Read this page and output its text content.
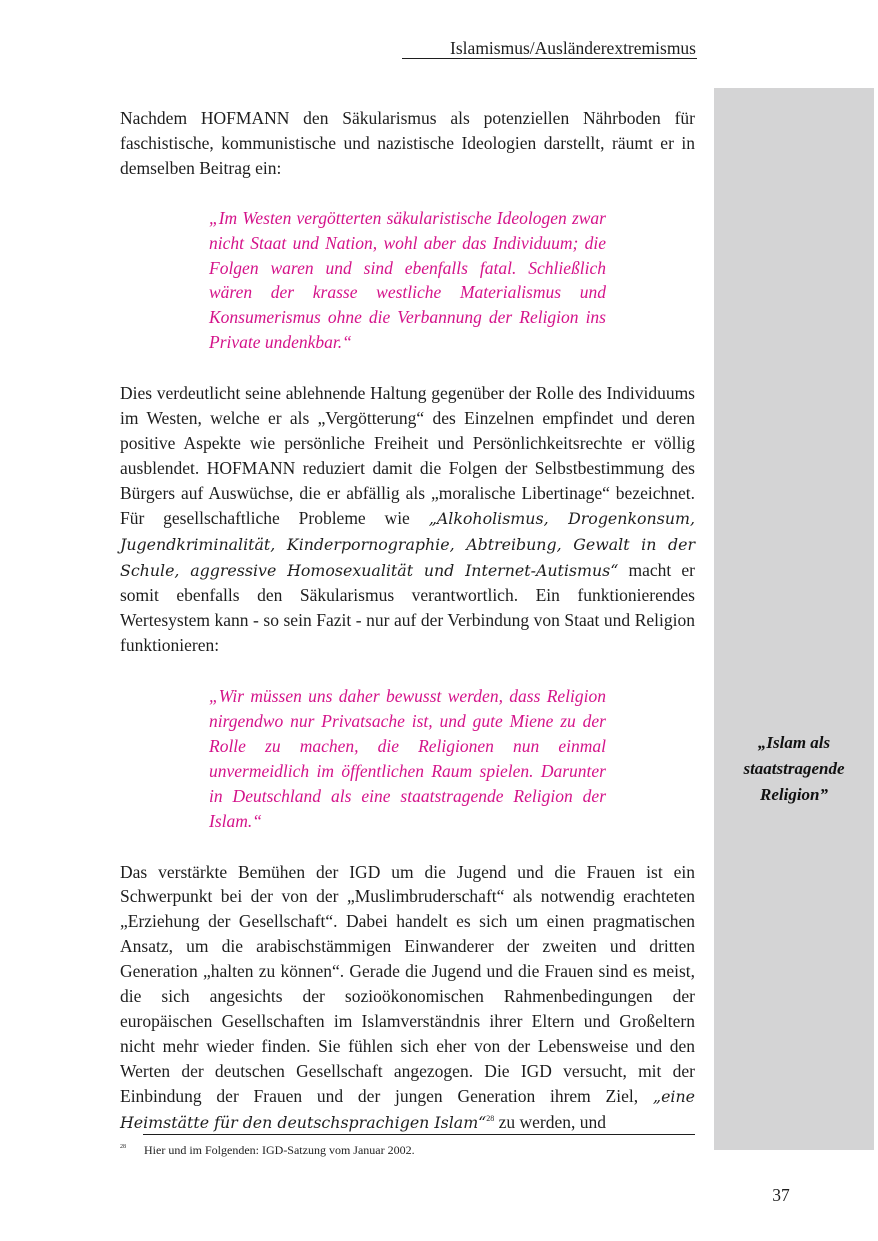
Islamismus/Ausländerextremismus
„Islam als staatstragende Religion”

Nachdem HOFMANN den Säkularismus als potenziellen Nährboden für faschistische, kommunistische und nazistische Ideologien darstellt, räumt er in demselben Beitrag ein:

„Im Westen vergötterten säkularistische Ideologen zwar nicht Staat und Nation, wohl aber das Individuum; die Folgen waren und sind ebenfalls fatal. Schließlich wären der krasse westliche Materialismus und Konsumerismus ohne die Verbannung der Religion ins Private undenkbar.“

Dies verdeutlicht seine ablehnende Haltung gegenüber der Rolle des Individuums im Westen, welche er als „Vergötterung“ des Einzelnen empfindet und deren positive Aspekte wie persönliche Freiheit und Persönlichkeitsrechte er völlig ausblendet. HOFMANN reduziert damit die Folgen der Selbstbestimmung des Bürgers auf Auswüchse, die er abfällig als „moralische Libertinage“ bezeichnet. Für gesellschaftliche Probleme wie „Alkoholismus, Drogenkonsum, Jugendkriminalität, Kinderpornographie, Abtreibung, Gewalt in der Schule, aggressive Homosexualität und Internet-Autismus“ macht er somit ebenfalls den Säkularismus verantwortlich. Ein funktionierendes Wertesystem kann - so sein Fazit - nur auf der Verbindung von Staat und Religion funktionieren:

„Wir müssen uns daher bewusst werden, dass Religion nirgendwo nur Privatsache ist, und gute Miene zu der Rolle zu machen, die Religionen nun einmal unvermeidlich im öffentlichen Raum spielen. Darunter in Deutschland als eine staatstragende Religion der Islam.“

Das verstärkte Bemühen der IGD um die Jugend und die Frauen ist ein Schwerpunkt bei der von der „Muslimbruderschaft“ als notwendig erachteten „Erziehung der Gesellschaft“. Dabei handelt es sich um einen pragmatischen Ansatz, um die arabischstämmigen Einwanderer der zweiten und dritten Generation „halten zu können“. Gerade die Jugend und die Frauen sind es meist, die sich angesichts der sozioökonomischen Rahmenbedingungen der europäischen Gesellschaften im Islamverständnis ihrer Eltern und Großeltern nicht mehr wieder finden. Sie fühlen sich eher von der Lebensweise und den Werten der deutschen Gesellschaft angezogen. Die IGD versucht, mit der Einbindung der Frauen und der jungen Generation ihrem Ziel, „eine Heimstätte für den deutschsprachigen Islam“$^{28}$ zu werden, und

28 Hier und im Folgenden: IGD-Satzung vom Januar 2002.
37
